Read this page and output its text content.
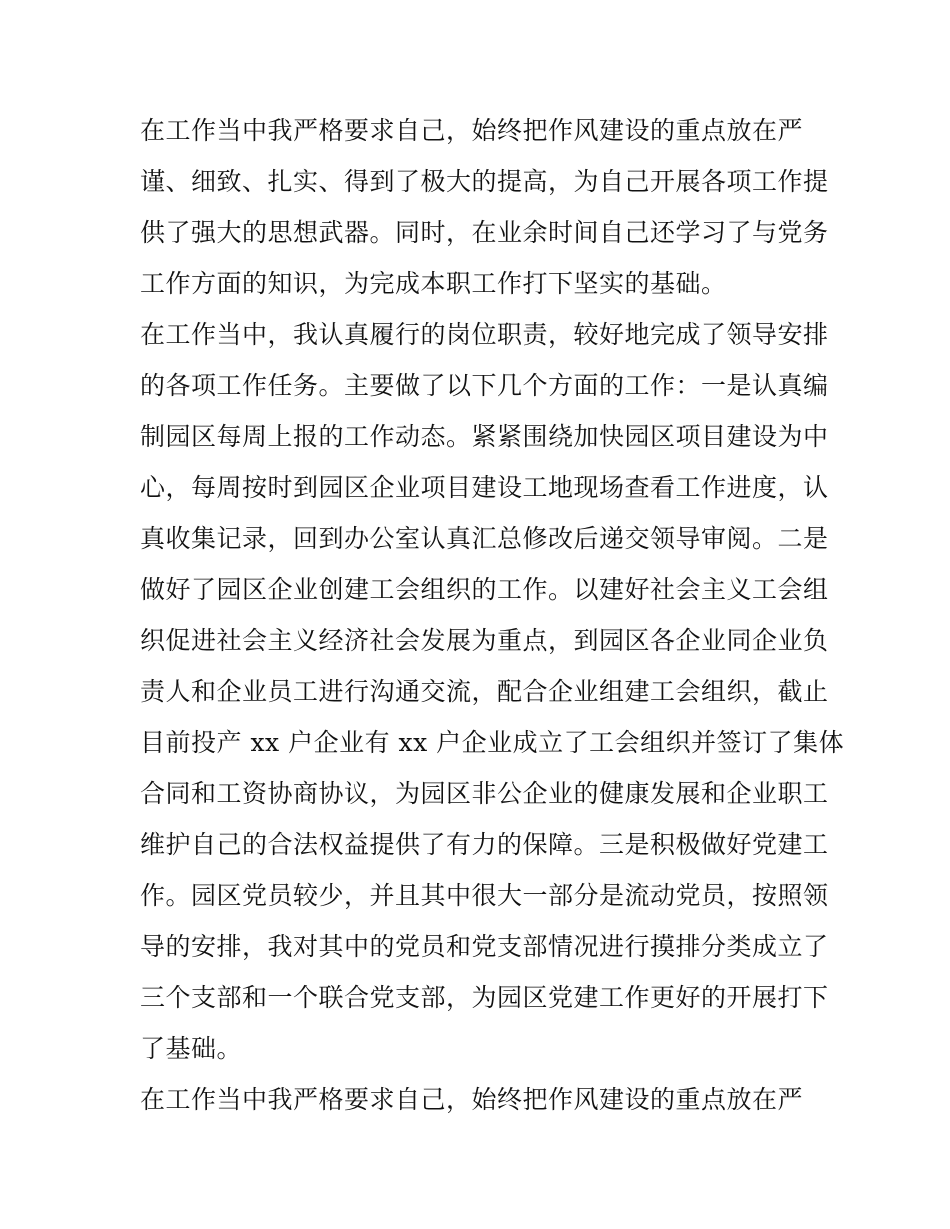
在工作当中我严格要求自己，始终把作风建设的重点放在严
谨、细致、扎实、得到了极大的提高，为自己开展各项工作提
供了强大的思想武器。同时，在业余时间自己还学习了与党务
工作方面的知识，为完成本职工作打下坚实的基础。
在工作当中，我认真履行的岗位职责，较好地完成了领导安排
的各项工作任务。主要做了以下几个方面的工作：一是认真编
制园区每周上报的工作动态。紧紧围绕加快园区项目建设为中
心，每周按时到园区企业项目建设工地现场查看工作进度，认
真收集记录，回到办公室认真汇总修改后递交领导审阅。二是
做好了园区企业创建工会组织的工作。以建好社会主义工会组
织促进社会主义经济社会发展为重点，到园区各企业同企业负
责人和企业员工进行沟通交流，配合企业组建工会组织，截止
目前投产 xx 户企业有 xx 户企业成立了工会组织并签订了集体
合同和工资协商协议，为园区非公企业的健康发展和企业职工
维护自己的合法权益提供了有力的保障。三是积极做好党建工
作。园区党员较少，并且其中很大一部分是流动党员，按照领
导的安排，我对其中的党员和党支部情况进行摸排分类成立了
三个支部和一个联合党支部，为园区党建工作更好的开展打下
了基础。
在工作当中我严格要求自己，始终把作风建设的重点放在严
